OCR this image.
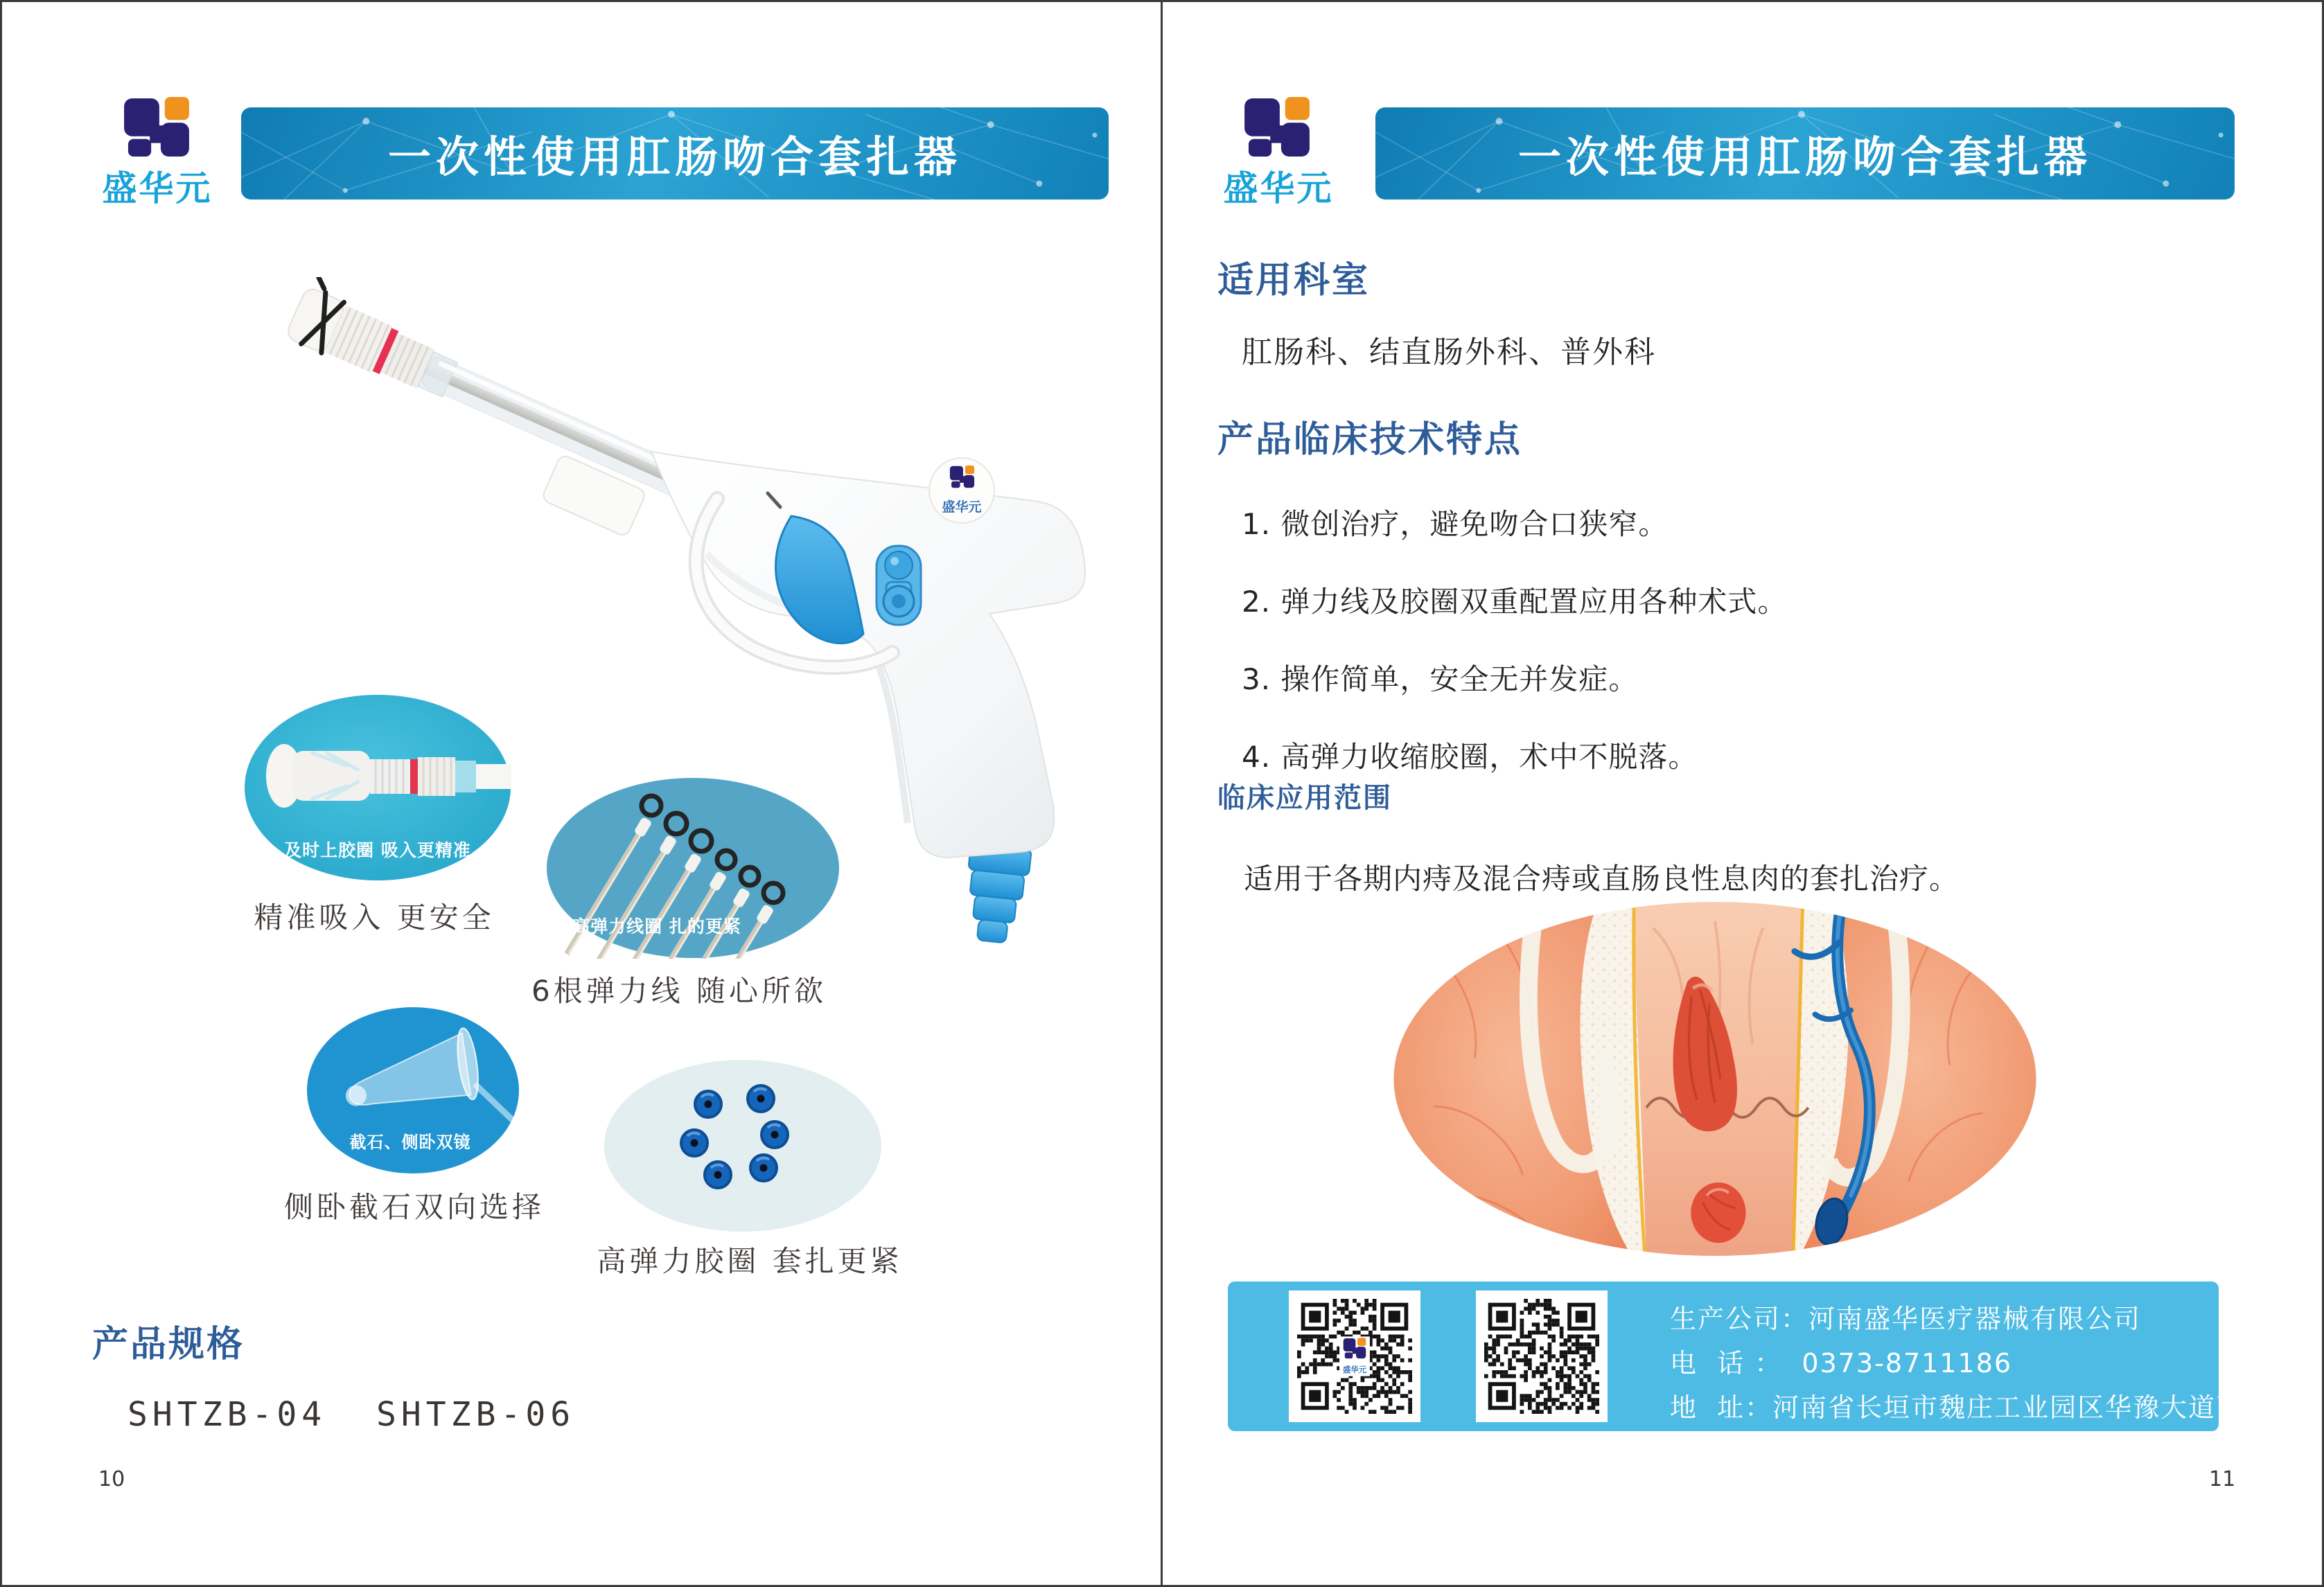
盛华元
一次性使用肛肠吻合套扎器
盛华元
及时上胶圈 吸入更精准
精准吸入 更安全	高弹力线圈 扎的更紧
6根弹力线 随心所欲
截石、侧卧双镜
侧卧截石双向选择
高弹力胶圈 套扎更紧
产品规格
SHTZB-04  SHTZB-06
10
盛华元
一次性使用肛肠吻合套扎器
适用科室
肛肠科、结直肠外科、普外科
产品临床技术特点
1. 微创治疗，避免吻合口狭窄。
2. 弹力线及胶圈双重配置应用各种术式。
3. 操作简单，安全无并发症。
4. 高弹力收缩胶圈，术中不脱落。
临床应用范围
适用于各期内痔及混合痔或直肠良性息肉的套扎治疗。
盛华元
生产公司：河南盛华医疗器械有限公司
电  话 ：  0373-8711186
地  址：河南省长垣市魏庄工业园区华豫大道西侧
11
